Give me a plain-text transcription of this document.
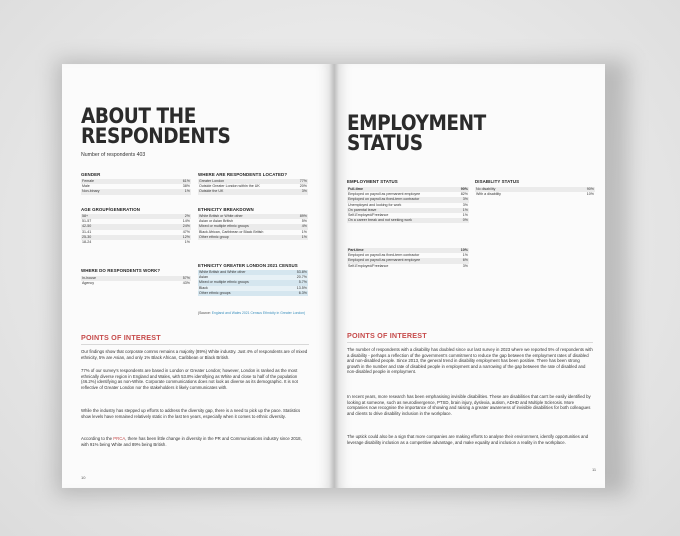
ABOUT THE
RESPONDENTS
Number of respondents 403
GENDER
Female	61%
Male	38%
Non-binary	1%
AGE GROUP/GENERATION
58+	2%
51-57	14%
42-50	24%
31-41	47%
25-30	12%
18-24	1%
WHERE DO RESPONDENTS WORK?
In-house	57%
Agency	43%
WHERE ARE RESPONDENTS LOCATED?
Greater London	77%
Outside Greater London within the UK	20%
Outside the UK	3%
ETHNICITY BREAKDOWN
White British or White other	89%
Asian or Asian British	5%
Mixed or multiple ethnic groups	4%
Black African, Caribbean or Black British	1%
Other ethnic group	1%
ETHNICITY GREATER LONDON 2021 CENSUS
White British and White other	53.8%
Asian	20.7%
Mixed or multiple ethnic groups	5.7%
Black	13.5%
Other ethnic groups	6.3%
(Source: England and Wales 2021 Census Ethnicity in Greater London)
POINTS OF INTEREST

Our findings show that corporate comms remains a majority (89%) White industry. Just 4% of respondents are of mixed ethnicity, 5% are Asian, and only 1% Black African, Caribbean or Black British.

77% of our survey's respondents are based in London or Greater London; however, London is ranked as the most ethnically diverse region in England and Wales, with 53.8% identifying as White and close to half of the population (46.2%) identifying as non-White. Corporate communications does not look as diverse as its demographic. It is not reflective of Greater London nor the stakeholders it likely communicates with.

While the industry has stepped up efforts to address the diversity gap, there is a need to pick up the pace. Statistics show levels have remained relatively static in the last ten years, especially when it comes to ethnic diversity.

According to the PRCA, there has been little change in diversity in the PR and Communications industry since 2018, with 91% being White and 89% being British.

10
EMPLOYMENT
STATUS
EMPLOYMENT STATUS
Full-time	90%
Employed on payroll as permanent employee	82%
Employed on payroll as fixed-term contractor	3%
Unemployed and looking for work	3%
On parental leave	1%
Self-Employed/Freelance	1%
On a career break and not seeking work	0%
Part-time	10%
Employed on payroll as fixed-term contractor	1%
Employed on payroll as permanent employee	6%
Self-Employed/Freelance	3%
DISABILITY STATUS
No disability	90%
With a disability	10%
POINTS OF INTEREST

The number of respondents with a disability has doubled since our last survey in 2023 where we reported 5% of respondents with a disability - perhaps a reflection of the government's commitment to reduce the gap between the employment rates of disabled and non-disabled people. Since 2013, the general trend in disability employment has been positive. There has been strong growth in the number and rate of disabled people in employment and a narrowing of the gap between the rate of disabled and non-disabled people in employment.

In recent years, more research has been emphasising invisible disabilities. These are disabilities that can't be easily identified by looking at someone, such as neurodivergence, PTSD, brain injury, dyslexia, autism, ADHD and Multiple Sclerosis. More companies now recognise the importance of showing and raising a greater awareness of invisible disabilities for both colleagues and clients to drive disability inclusion in the workplace.

The uptick could also be a sign that more companies are making efforts to analyse their environment, identify opportunities and leverage disability inclusion as a competitive advantage, and make equality and inclusion a reality in the workplace.

11
